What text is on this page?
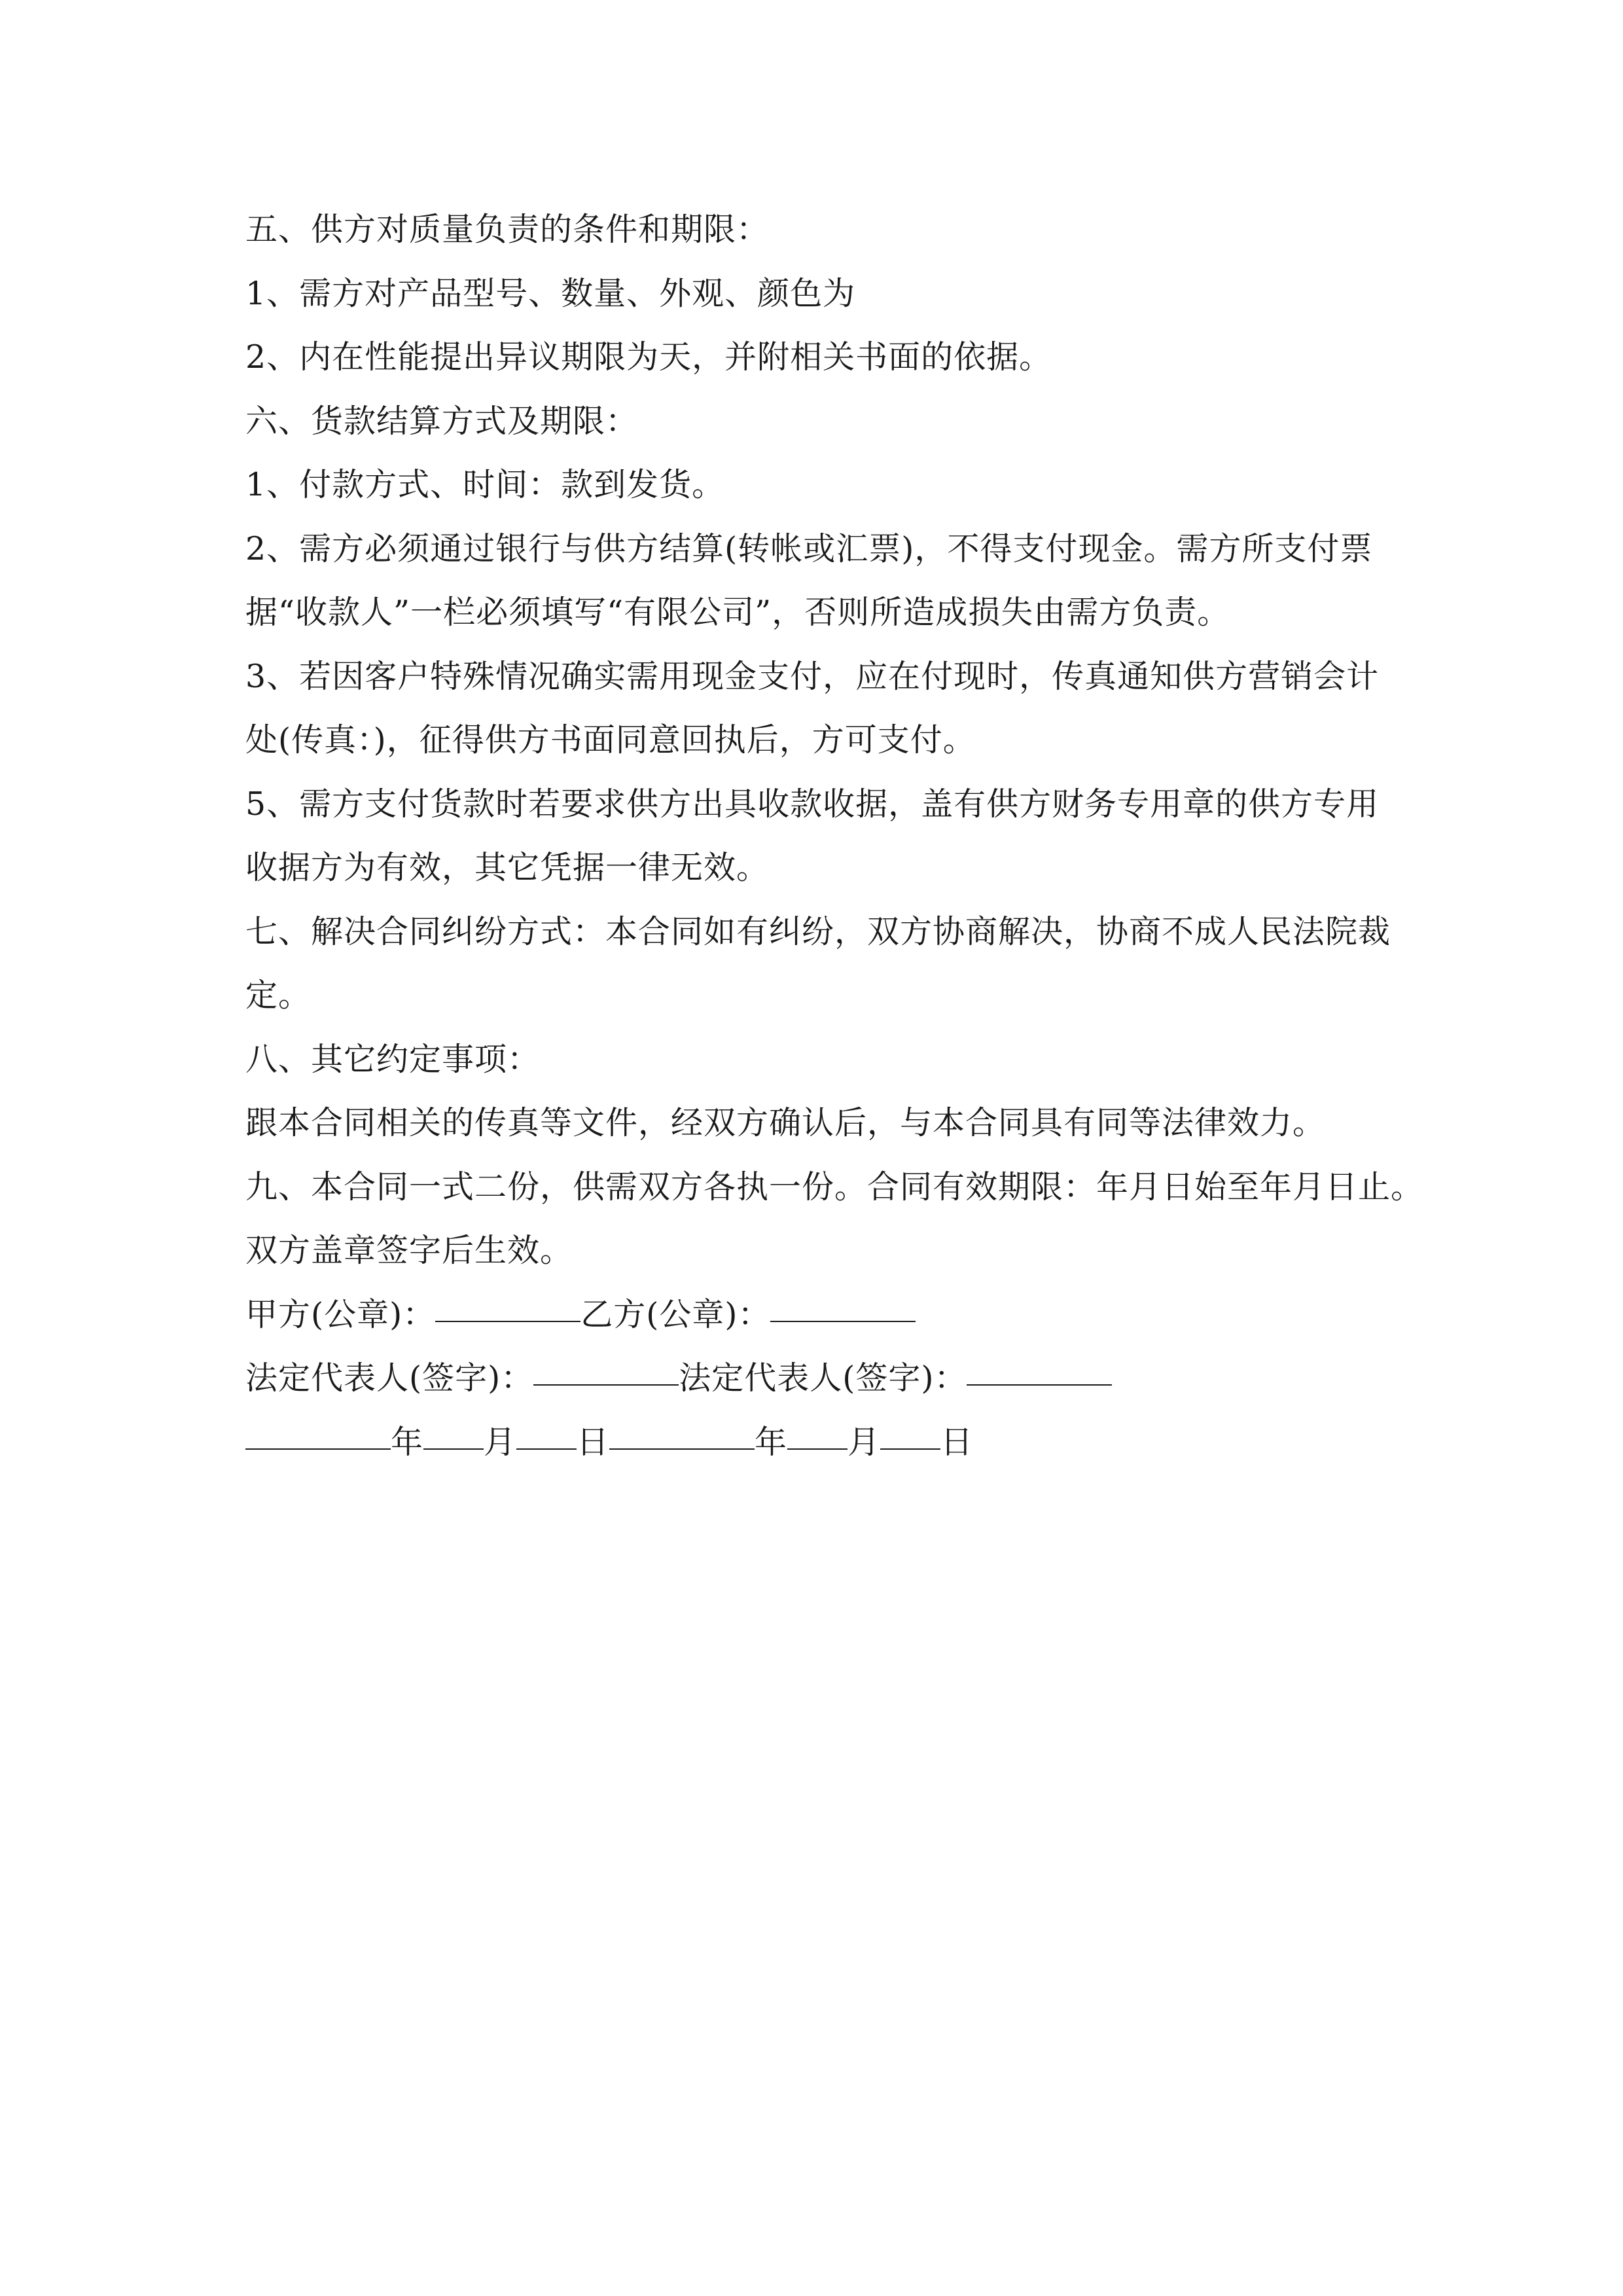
五、供方对质量负责的条件和期限：
1、需方对产品型号、数量、外观、颜色为
2、内在性能提出异议期限为天，并附相关书面的依据。
六、货款结算方式及期限：
1、付款方式、时间：款到发货。
2、需方必须通过银行与供方结算(转帐或汇票)，不得支付现金。需方所支付票
据“收款人”一栏必须填写“有限公司”，否则所造成损失由需方负责。
3、若因客户特殊情况确实需用现金支付，应在付现时，传真通知供方营销会计
处(传真：)，征得供方书面同意回执后，方可支付。
5、需方支付货款时若要求供方出具收款收据，盖有供方财务专用章的供方专用
收据方为有效，其它凭据一律无效。
七、解决合同纠纷方式：本合同如有纠纷，双方协商解决，协商不成人民法院裁
定。
八、其它约定事项：
跟本合同相关的传真等文件，经双方确认后，与本合同具有同等法律效力。
九、本合同一式二份，供需双方各执一份。合同有效期限：年月日始至年月日止。
双方盖章签字后生效。
甲方(公章)：	乙方(公章)：
法定代表人(签字)：	法定代表人(签字)：
年 月 日	年 月 日
